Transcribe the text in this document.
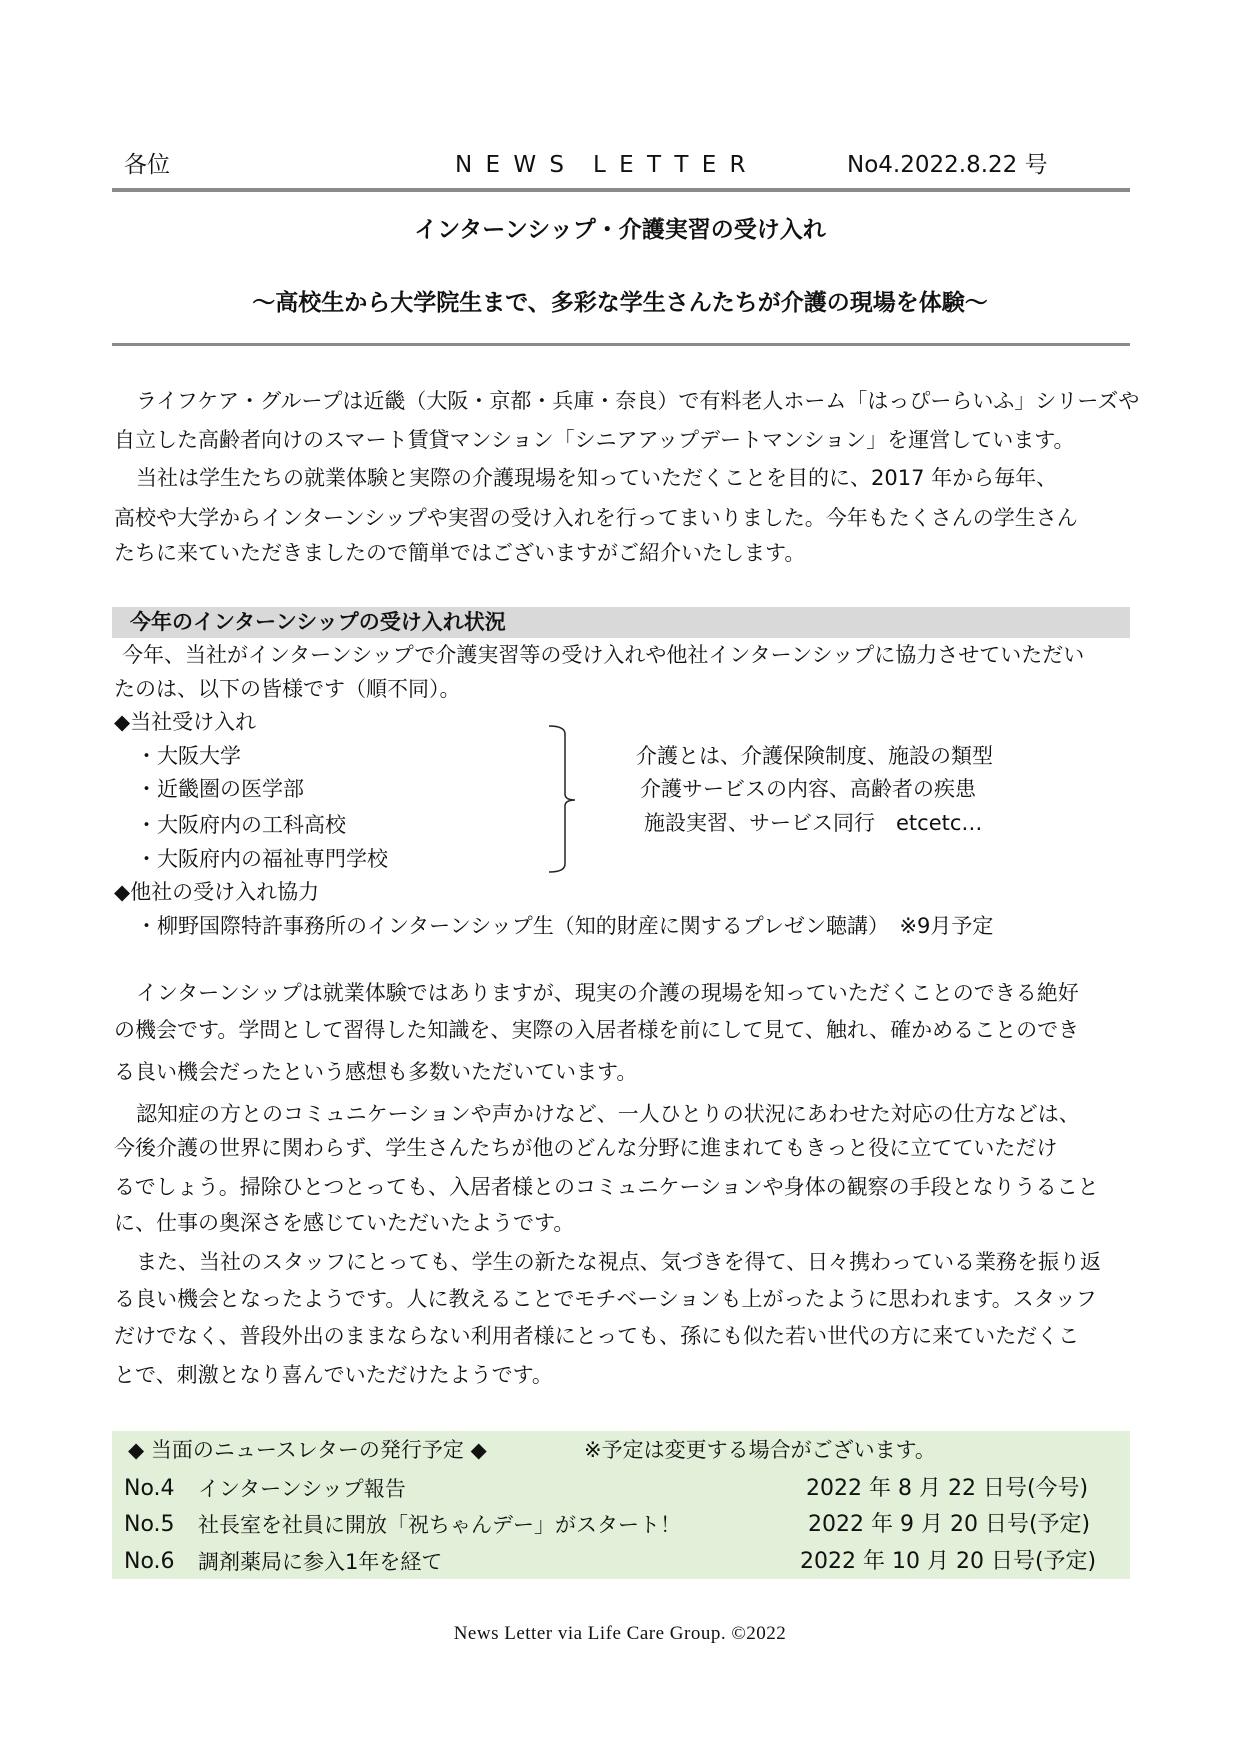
各位	N E W S　L E T T E R	No4.2022.8.22 号
インターンシップ・介護実習の受け入れ
～高校生から大学院生まで、多彩な学生さんたちが介護の現場を体験～
ライフケア・グループは近畿（大阪・京都・兵庫・奈良）で有料老人ホーム「はっぴーらいふ」シリーズや
自立した高齢者向けのスマート賃貸マンション「シニアアップデートマンション」を運営しています。
当社は学生たちの就業体験と実際の介護現場を知っていただくことを目的に、2017 年から毎年、
高校や大学からインターンシップや実習の受け入れを行ってまいりました。今年もたくさんの学生さん
たちに来ていただきましたので簡単ではございますがご紹介いたします。
今年のインターンシップの受け入れ状況
今年、当社がインターンシップで介護実習等の受け入れや他社インターンシップに協力させていただい
たのは、以下の皆様です（順不同）。
◆当社受け入れ
・大阪大学
・近畿圏の医学部
・大阪府内の工科高校
・大阪府内の福祉専門学校
介護とは、介護保険制度、施設の類型
介護サービスの内容、高齢者の疾患
施設実習、サービス同行　etcetc…
◆他社の受け入れ協力
・柳野国際特許事務所のインターンシップ生（知的財産に関するプレゼン聴講）　※9月予定
インターンシップは就業体験ではありますが、現実の介護の現場を知っていただくことのできる絶好
の機会です。学問として習得した知識を、実際の入居者様を前にして見て、触れ、確かめることのでき
る良い機会だったという感想も多数いただいています。
認知症の方とのコミュニケーションや声かけなど、一人ひとりの状況にあわせた対応の仕方などは、
今後介護の世界に関わらず、学生さんたちが他のどんな分野に進まれてもきっと役に立てていただけ
るでしょう。掃除ひとつとっても、入居者様とのコミュニケーションや身体の観察の手段となりうること
に、仕事の奥深さを感じていただいたようです。
また、当社のスタッフにとっても、学生の新たな視点、気づきを得て、日々携わっている業務を振り返
る良い機会となったようです。人に教えることでモチベーションも上がったように思われます。スタッフ
だけでなく、普段外出のままならない利用者様にとっても、孫にも似た若い世代の方に来ていただくこ
とで、刺激となり喜んでいただけたようです。
◆ 当面のニュースレターの発行予定 ◆	※予定は変更する場合がございます。
No.4 インターンシップ報告	2022 年 8 月 22 日号(今号)
No.5 社長室を社員に開放「祝ちゃんデー」がスタート！	2022 年 9 月 20 日号(予定)
No.6 調剤薬局に参入1年を経て	2022 年 10 月 20 日号(予定)
News Letter via Life Care Group. ©2022
